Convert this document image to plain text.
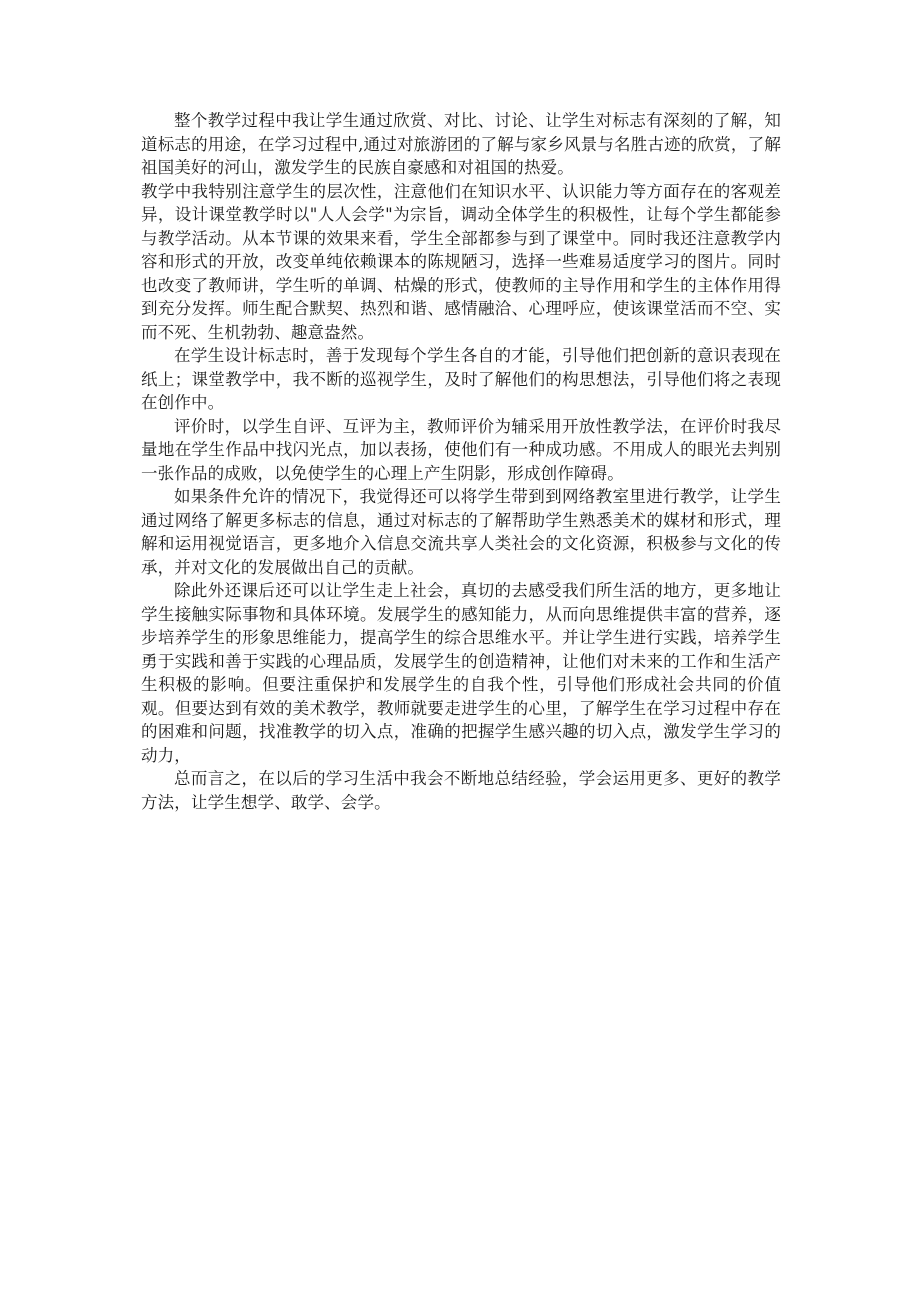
整个教学过程中我让学生通过欣赏、对比、讨论、让学生对标志有深刻的了解，知道标志的用途，在学习过程中,通过对旅游团的了解与家乡风景与名胜古迹的欣赏，了解祖国美好的河山，激发学生的民族自豪感和对祖国的热爱。

教学中我特别注意学生的层次性，注意他们在知识水平、认识能力等方面存在的客观差异，设计课堂教学时以"人人会学"为宗旨，调动全体学生的积极性，让每个学生都能参与教学活动。从本节课的效果来看，学生全部都参与到了课堂中。同时我还注意教学内容和形式的开放，改变单纯依赖课本的陈规陋习，选择一些难易适度学习的图片。同时也改变了教师讲，学生听的单调、枯燥的形式，使教师的主导作用和学生的主体作用得到充分发挥。师生配合默契、热烈和谐、感情融洽、心理呼应，使该课堂活而不空、实而不死、生机勃勃、趣意盎然。

在学生设计标志时，善于发现每个学生各自的才能，引导他们把创新的意识表现在纸上；课堂教学中，我不断的巡视学生，及时了解他们的构思想法，引导他们将之表现在创作中。

评价时，以学生自评、互评为主，教师评价为辅采用开放性教学法，在评价时我尽量地在学生作品中找闪光点，加以表扬，使他们有一种成功感。不用成人的眼光去判别一张作品的成败，以免使学生的心理上产生阴影，形成创作障碍。

如果条件允许的情况下，我觉得还可以将学生带到到网络教室里进行教学，让学生通过网络了解更多标志的信息，通过对标志的了解帮助学生熟悉美术的媒材和形式，理解和运用视觉语言，更多地介入信息交流共享人类社会的文化资源，积极参与文化的传承，并对文化的发展做出自己的贡献。

除此外还课后还可以让学生走上社会，真切的去感受我们所生活的地方，更多地让学生接触实际事物和具体环境。发展学生的感知能力，从而向思维提供丰富的营养，逐步培养学生的形象思维能力，提高学生的综合思维水平。并让学生进行实践，培养学生勇于实践和善于实践的心理品质，发展学生的创造精神，让他们对未来的工作和生活产生积极的影响。但要注重保护和发展学生的自我个性，引导他们形成社会共同的价值观。但要达到有效的美术教学，教师就要走进学生的心里，了解学生在学习过程中存在的困难和问题，找准教学的切入点，准确的把握学生感兴趣的切入点，激发学生学习的动力，

总而言之，在以后的学习生活中我会不断地总结经验，学会运用更多、更好的教学方法，让学生想学、敢学、会学。
